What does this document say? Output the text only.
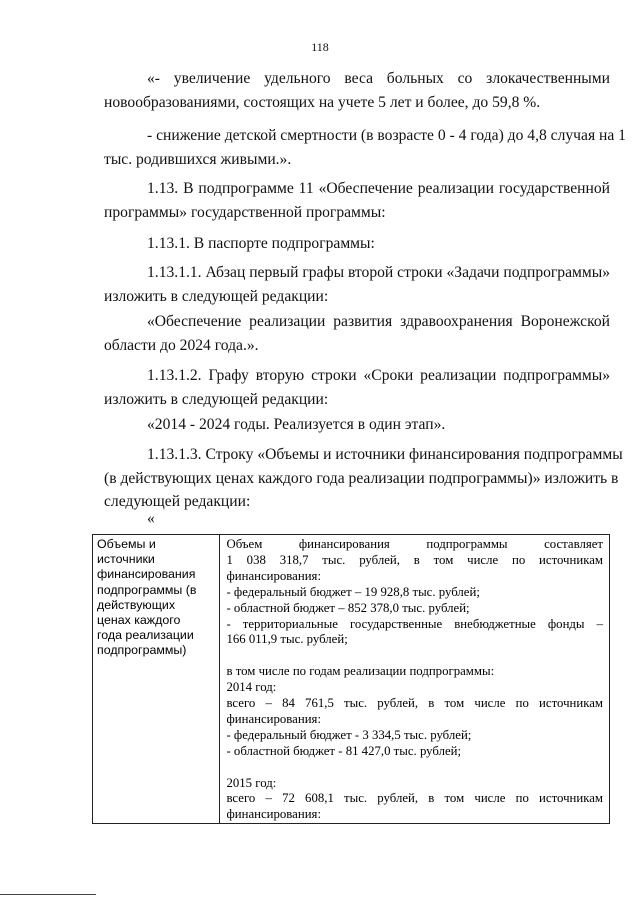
118
«- увеличение удельного веса больных со злокачественными
новообразованиями, состоящих на учете 5 лет и более, до 59,8 %.
- снижение детской смертности (в возрасте 0 - 4 года) до 4,8 случая на 1
тыс. родившихся живыми.».
1.13. В подпрограмме 11 «Обеспечение реализации государственной
программы» государственной программы:
1.13.1. В паспорте подпрограммы:
1.13.1.1. Абзац первый графы второй строки «Задачи подпрограммы»
изложить в следующей редакции:
«Обеспечение реализации развития здравоохранения Воронежской
области до 2024 года.».
1.13.1.2. Графу вторую строки «Сроки реализации подпрограммы»
изложить в следующей редакции:
«2014 - 2024 годы. Реализуется в один этап».
1.13.1.3. Строку «Объемы и источники финансирования подпрограммы
(в действующих ценах каждого года реализации подпрограммы)» изложить в
следующей редакции:
«
Объемы и
источники
финансирования
подпрограммы (в
действующих
ценах каждого
года реализации
подпрограммы)

Объем финансирования подпрограммы составляет
1 038 318,7 тыс. рублей, в том числе по источникам
финансирования:
- федеральный бюджет – 19 928,8 тыс. рублей;
- областной бюджет – 852 378,0 тыс. рублей;
- территориальные государственные внебюджетные фонды –
166 011,9 тыс. рублей;
в том числе по годам реализации подпрограммы:
2014 год:
всего – 84 761,5 тыс. рублей, в том числе по источникам
финансирования:
- федеральный бюджет - 3 334,5 тыс. рублей;
- областной бюджет - 81 427,0 тыс. рублей;
2015 год:
всего – 72 608,1 тыс. рублей, в том числе по источникам
финансирования:
